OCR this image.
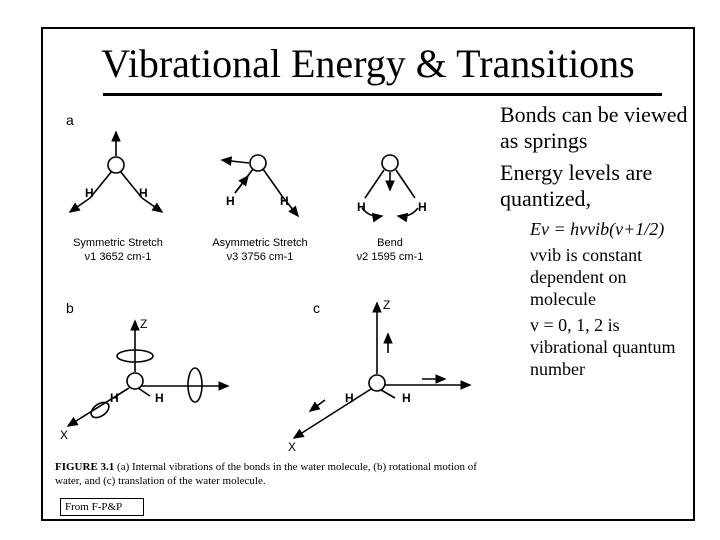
Vibrational Energy & Transitions
a
b	c
H	H
H	H	H	H
H	H	H	H
Z
X
Z
X
Symmetric Stretch
ν1 3652 cm-1
Asymmetric Stretch
ν3 3756 cm-1
Bend
ν2 1595 cm-1
FIGURE 3.1 (a) Internal vibrations of the bonds in the water molecule, (b) rotational motion of water, and (c) translation of the water molecule.
From F-P&P
Bonds can be viewed as springs
Energy levels are quantized,
Ev = hνvib(v+1/2)
νvib is constant dependent on molecule
v = 0, 1, 2 is vibrational quantum number
